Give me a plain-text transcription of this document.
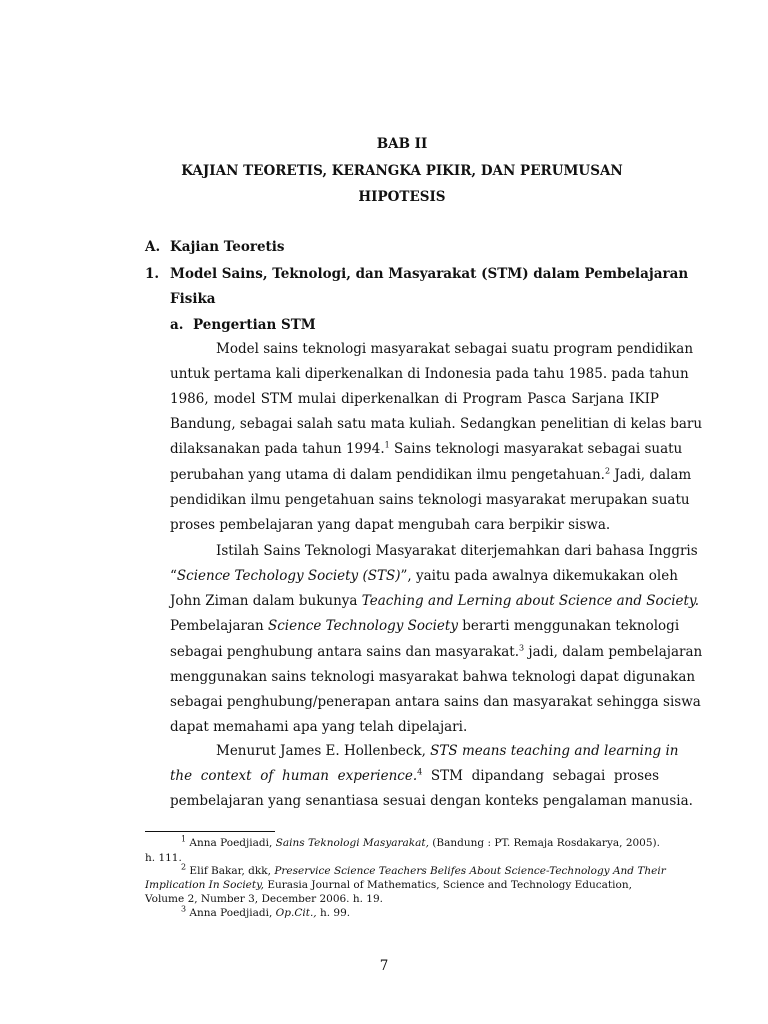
BAB II
KAJIAN TEORETIS, KERANGKA PIKIR, DAN PERUMUSAN
HIPOTESIS
A. Kajian Teoretis
1. Model Sains, Teknologi, dan Masyarakat (STM) dalam Pembelajaran
Fisika
a. Pengertian STM
Model sains teknologi masyarakat sebagai suatu program pendidikan
untuk pertama kali diperkenalkan di Indonesia pada tahu 1985. pada tahun
1986, model STM mulai diperkenalkan di Program Pasca Sarjana IKIP
Bandung, sebagai salah satu mata kuliah. Sedangkan penelitian di kelas baru
dilaksanakan pada tahun 1994.$^1$ Sains teknologi masyarakat sebagai suatu
perubahan yang utama di dalam pendidikan ilmu pengetahuan.$^2$ Jadi, dalam
pendidikan ilmu pengetahuan sains teknologi masyarakat merupakan suatu
proses pembelajaran yang dapat mengubah cara berpikir siswa.
Istilah Sains Teknologi Masyarakat diterjemahkan dari bahasa Inggris
“Science Techology Society (STS)”, yaitu pada awalnya dikemukakan oleh
John Ziman dalam bukunya Teaching and Lerning about Science and Society.
Pembelajaran Science Technology Society berarti menggunakan teknologi
sebagai penghubung antara sains dan masyarakat.$^3$ jadi, dalam pembelajaran
menggunakan sains teknologi masyarakat bahwa teknologi dapat digunakan
sebagai penghubung/penerapan antara sains dan masyarakat sehingga siswa
dapat memahami apa yang telah dipelajari.
Menurut James E. Hollenbeck, STS means teaching and learning in
the context of human experience.$^4$ STM dipandang sebagai proses
pembelajaran yang senantiasa sesuai dengan konteks pengalaman manusia.
$^1$ Anna Poedjiadi, Sains Teknologi Masyarakat, (Bandung : PT. Remaja Rosdakarya, 2005).
h. 111.
$^2$ Elif Bakar, dkk, Preservice Science Teachers Belifes About Science-Technology And Their
Implication In Society, Eurasia Journal of Mathematics, Science and Technology Education,
Volume 2, Number 3, December 2006. h. 19.
$^3$ Anna Poedjiadi, Op.Cit., h. 99.
7
